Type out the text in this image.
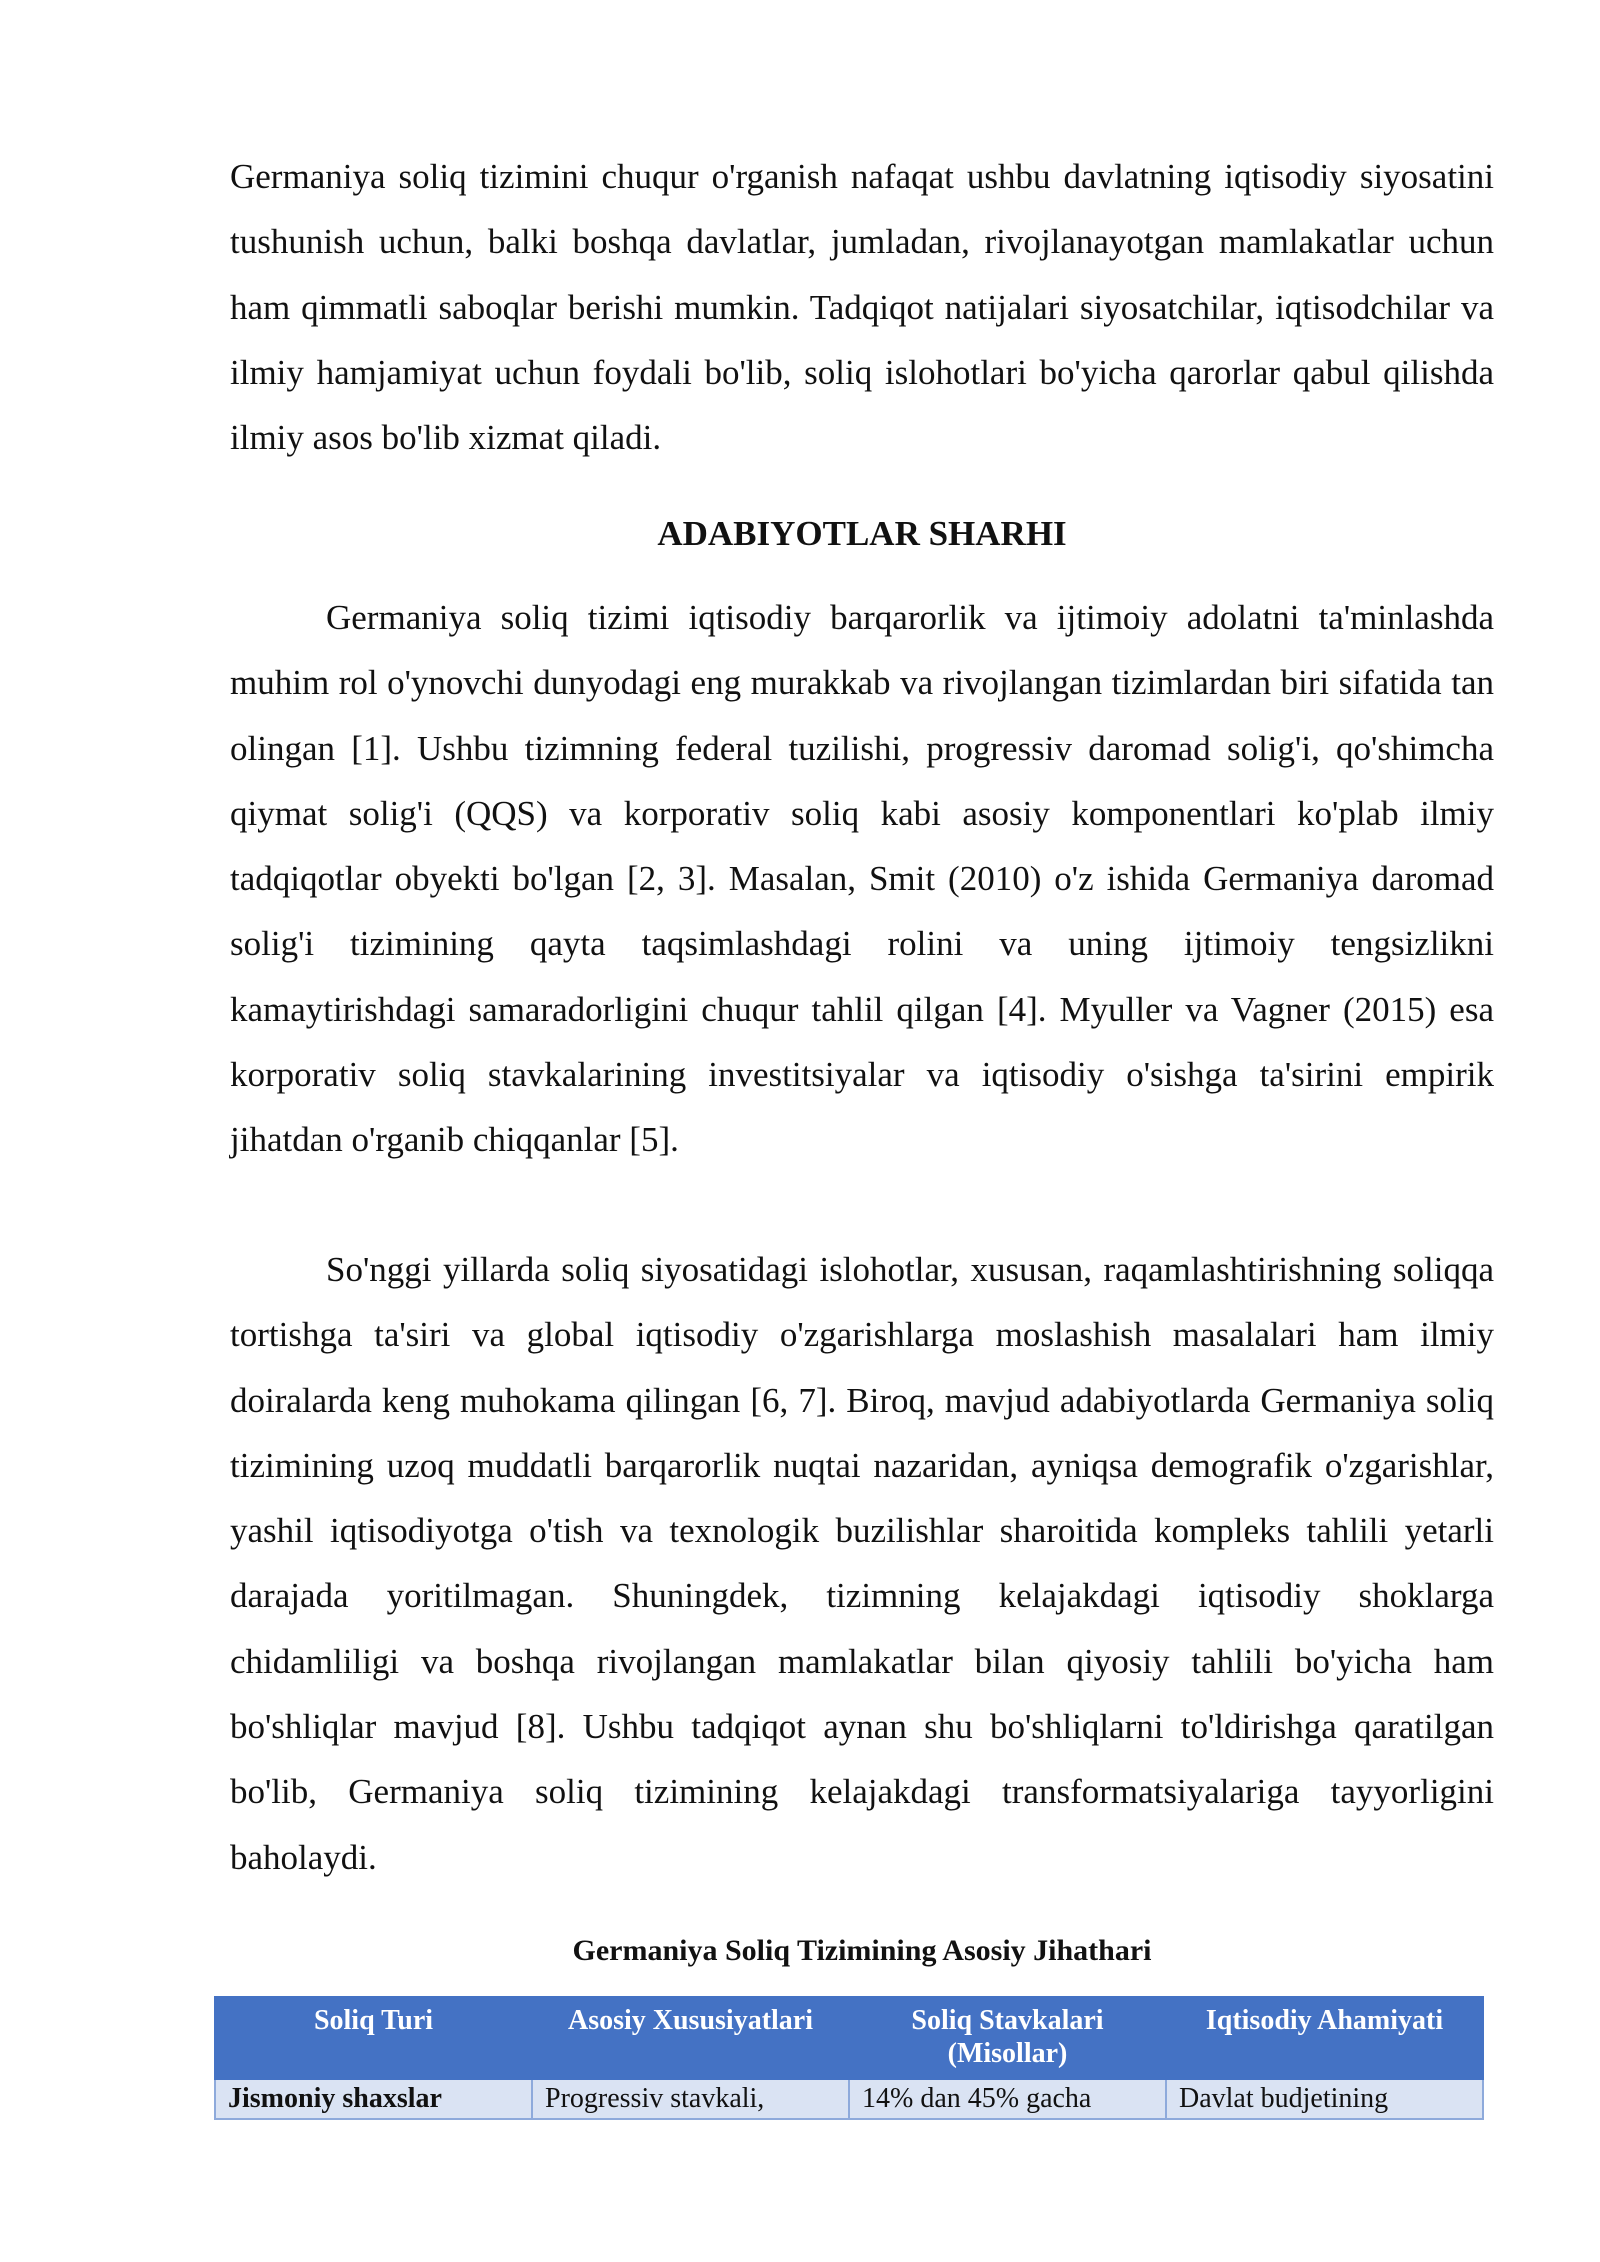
Germaniya soliq tizimini chuqur o'rganish nafaqat ushbu davlatning iqtisodiy siyosatini tushunish uchun, balki boshqa davlatlar, jumladan, rivojlanayotgan mamlakatlar uchun ham qimmatli saboqlar berishi mumkin. Tadqiqot natijalari siyosatchilar, iqtisodchilar va ilmiy hamjamiyat uchun foydali bo'lib, soliq islohotlari bo'yicha qarorlar qabul qilishda ilmiy asos bo'lib xizmat qiladi.

ADABIYOTLAR SHARHI

Germaniya soliq tizimi iqtisodiy barqarorlik va ijtimoiy adolatni ta'minlashda muhim rol o'ynovchi dunyodagi eng murakkab va rivojlangan tizimlardan biri sifatida tan olingan [1]. Ushbu tizimning federal tuzilishi, progressiv daromad solig'i, qo'shimcha qiymat solig'i (QQS) va korporativ soliq kabi asosiy komponentlari ko'plab ilmiy tadqiqotlar obyekti bo'lgan [2, 3]. Masalan, Smit (2010) o'z ishida Germaniya daromad solig'i tizimining qayta taqsimlashdagi rolini va uning ijtimoiy tengsizlikni kamaytirishdagi samaradorligini chuqur tahlil qilgan [4]. Myuller va Vagner (2015) esa korporativ soliq stavkalarining investitsiyalar va iqtisodiy o'sishga ta'sirini empirik jihatdan o'rganib chiqqanlar [5].

So'nggi yillarda soliq siyosatidagi islohotlar, xususan, raqamlashtirishning soliqqa tortishga ta'siri va global iqtisodiy o'zgarishlarga moslashish masalalari ham ilmiy doiralarda keng muhokama qilingan [6, 7]. Biroq, mavjud adabiyotlarda Germaniya soliq tizimining uzoq muddatli barqarorlik nuqtai nazaridan, ayniqsa demografik o'zgarishlar, yashil iqtisodiyotga o'tish va texnologik buzilishlar sharoitida kompleks tahlili yetarli darajada yoritilmagan. Shuningdek, tizimning kelajakdagi iqtisodiy shoklarga chidamliligi va boshqa rivojlangan mamlakatlar bilan qiyosiy tahlili bo'yicha ham bo'shliqlar mavjud [8]. Ushbu tadqiqot aynan shu bo'shliqlarni to'ldirishga qaratilgan bo'lib, Germaniya soliq tizimining kelajakdagi transformatsiyalariga tayyorligini baholaydi.

Germaniya Soliq Tizimining Asosiy Jihathari
Soliq Turi	Asosiy Xususiyatlari	Soliq Stavkalari (Misollar)	Iqtisodiy Ahamiyati
Jismoniy shaxslar	Progressiv stavkali,	14% dan 45% gacha	Davlat budjetining
